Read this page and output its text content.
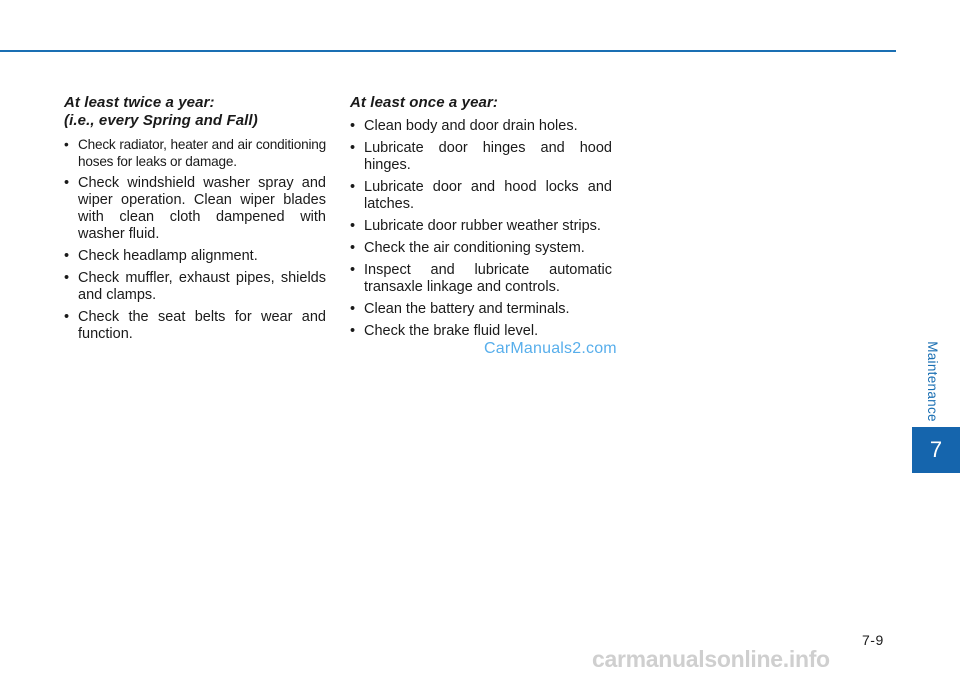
At least twice a year:
(i.e., every Spring and Fall)
• Check radiator, heater and air conditioning hoses for leaks or damage.
• Check windshield washer spray and wiper operation. Clean wiper blades with clean cloth dampened with washer fluid.
• Check headlamp alignment.
• Check muffler, exhaust pipes, shields and clamps.
• Check the seat belts for wear and function.
At least once a year:
• Clean body and door drain holes.
• Lubricate door hinges and hood hinges.
• Lubricate door and hood locks and latches.
• Lubricate door rubber weather strips.
• Check the air conditioning system.
• Inspect and lubricate automatic transaxle linkage and controls.
• Clean the battery and terminals.
• Check the brake fluid level.
CarManuals2.com	Maintenance
7
7-9
carmanualsonline.info
